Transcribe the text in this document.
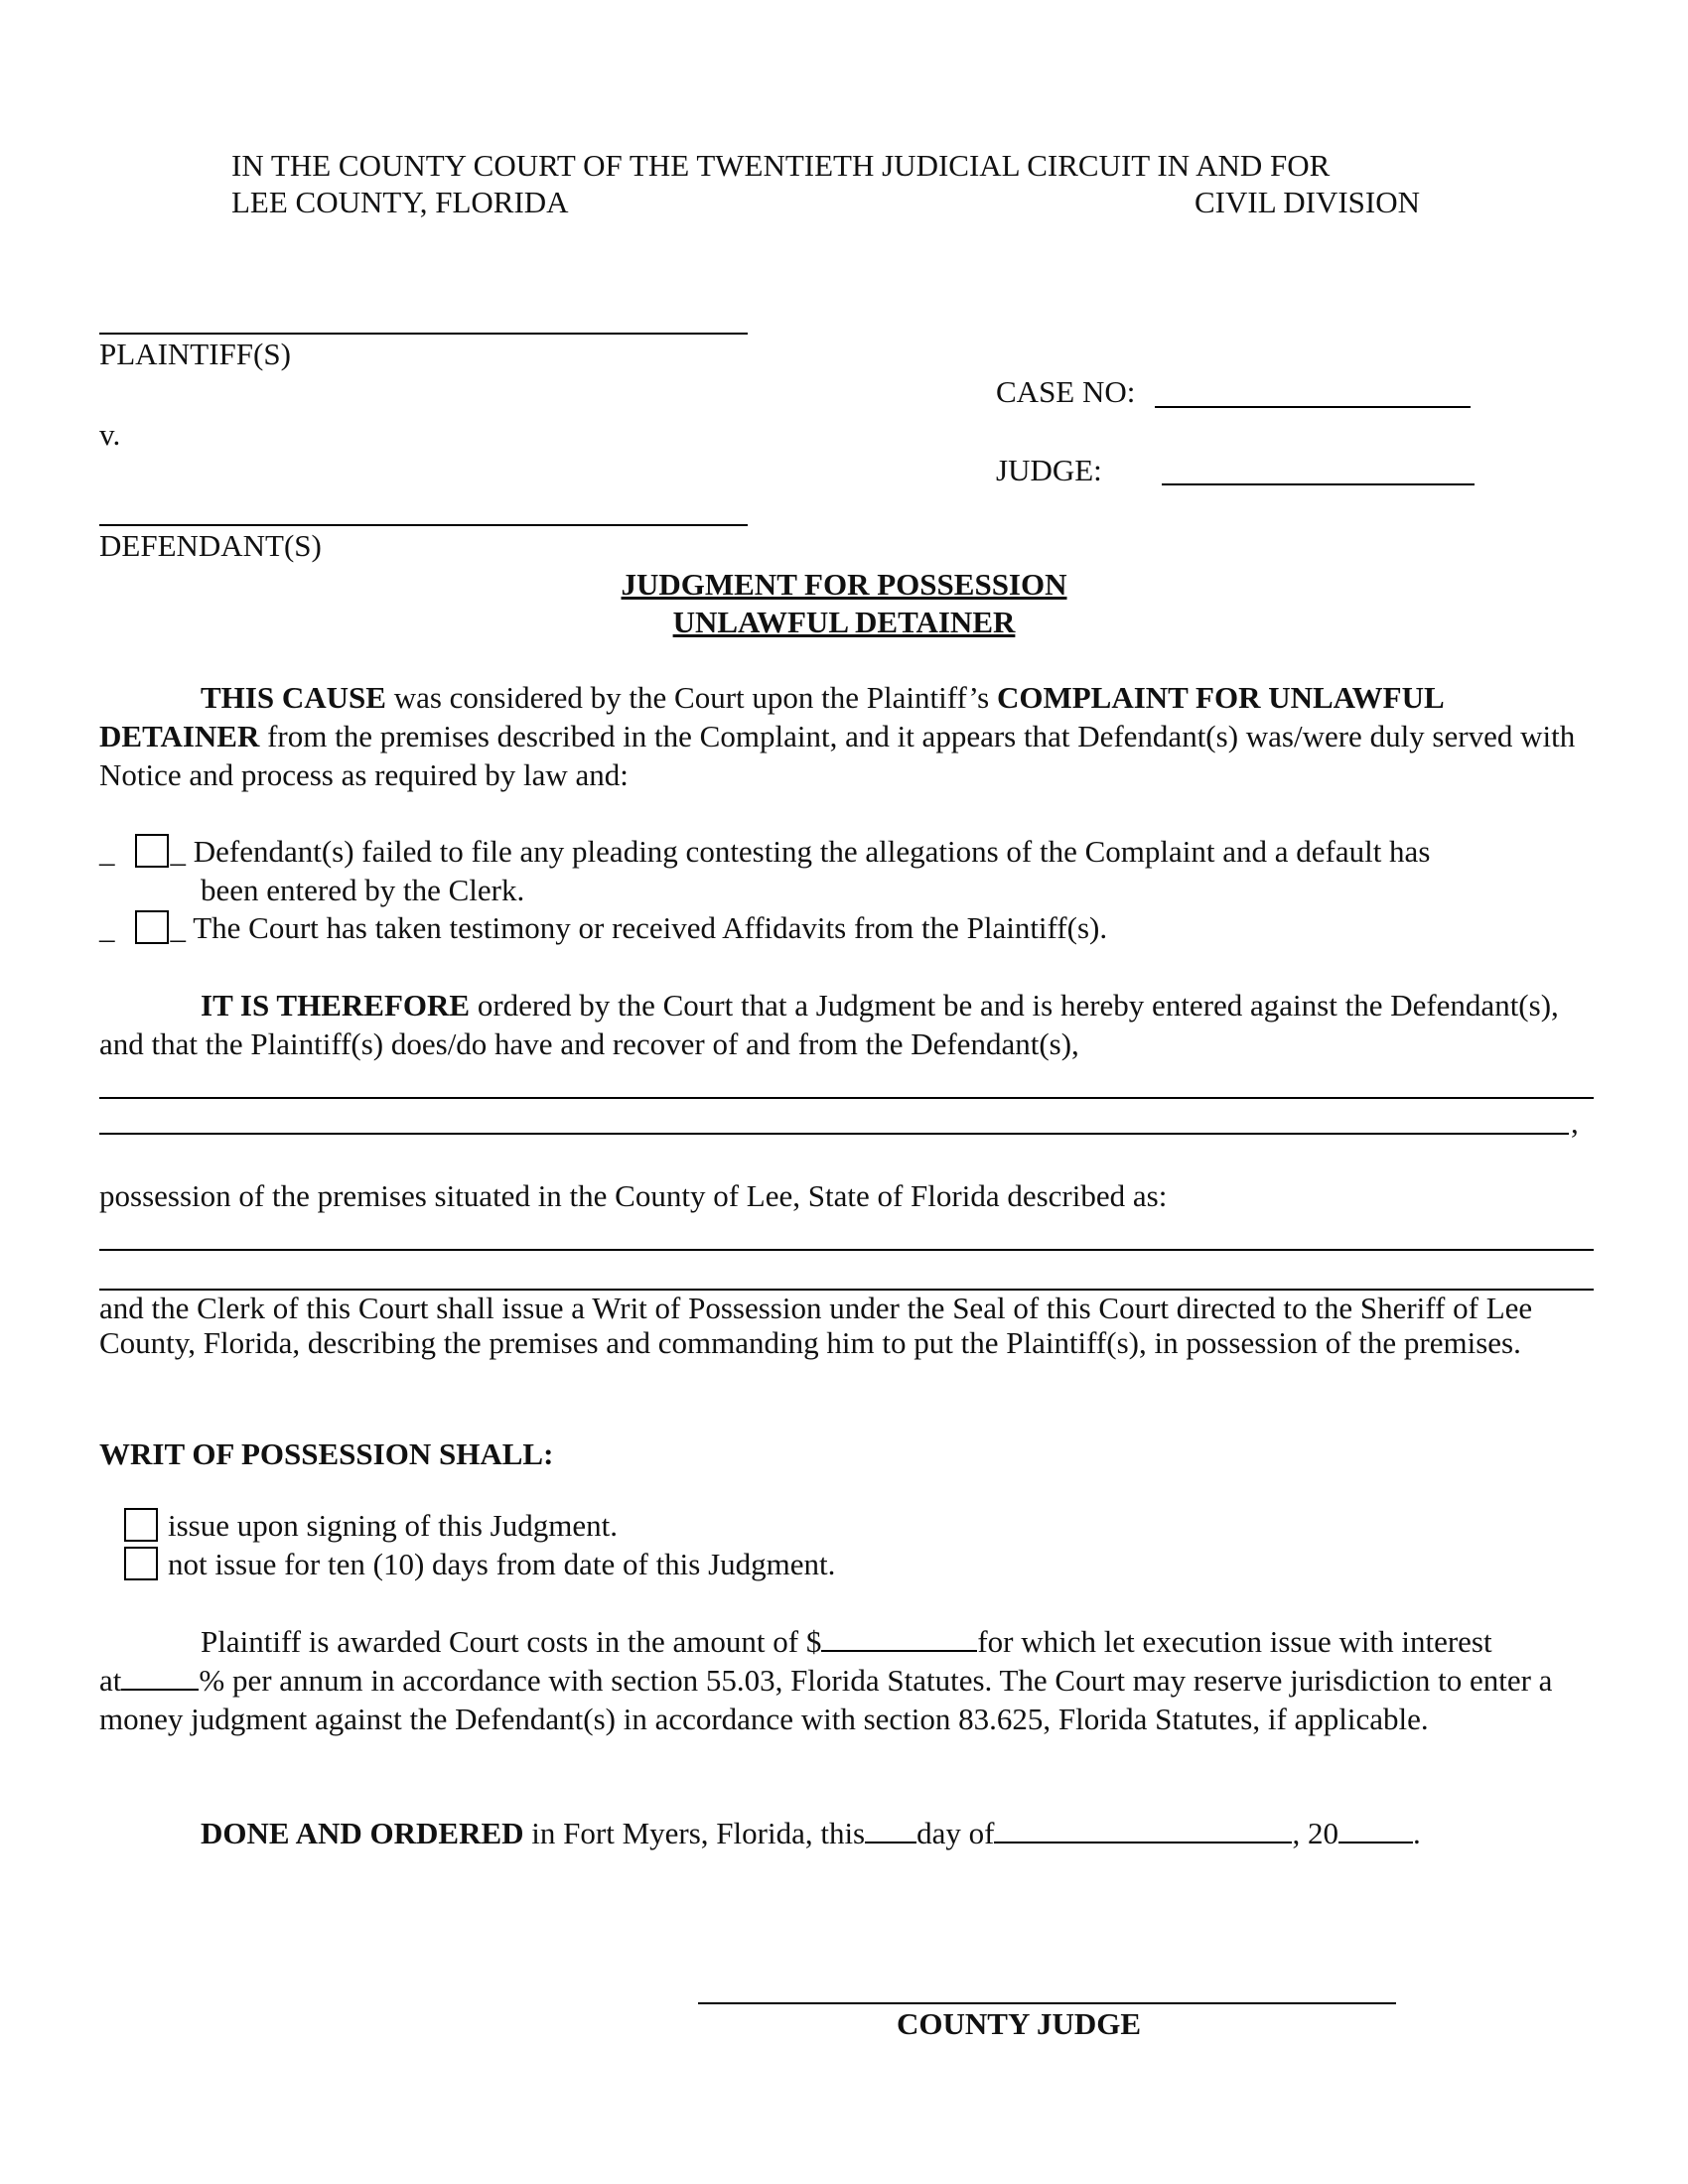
IN THE COUNTY COURT OF THE TWENTIETH JUDICIAL CIRCUIT IN AND FOR
LEE COUNTY, FLORIDA	CIVIL DIVISION
PLAINTIFF(S)
CASE NO:
v.
JUDGE:
DEFENDANT(S)
JUDGMENT FOR POSSESSION
UNLAWFUL DETAINER
THIS CAUSE was considered by the Court upon the Plaintiff’s COMPLAINT FOR UNLAWFUL DETAINER from the premises described in the Complaint, and it appears that Defendant(s) was/were duly served with Notice and process as required by law and:
_ _ Defendant(s) failed to file any pleading contesting the allegations of the Complaint and a default has
been entered by the Clerk.
_ _ The Court has taken testimony or received Affidavits from the Plaintiff(s).
IT IS THEREFORE ordered by the Court that a Judgment be and is hereby entered against the Defendant(s), and that the Plaintiff(s) does/do have and recover of and from the Defendant(s),
,
possession of the premises situated in the County of Lee, State of Florida described as:
and the Clerk of this Court shall issue a Writ of Possession under the Seal of this Court directed to the Sheriff of Lee County, Florida, describing the premises and commanding him to put the Plaintiff(s), in possession of the premises.
WRIT OF POSSESSION SHALL:
issue upon signing of this Judgment.
not issue for ten (10) days from date of this Judgment.
Plaintiff is awarded Court costs in the amount of $	for which let execution issue with interest
at	% per annum in accordance with section 55.03, Florida Statutes. The Court may reserve jurisdiction to enter a money judgment against the Defendant(s) in accordance with section 83.625, Florida Statutes, if applicable.
DONE AND ORDERED in Fort Myers, Florida, this day of	, 20 .
COUNTY JUDGE
